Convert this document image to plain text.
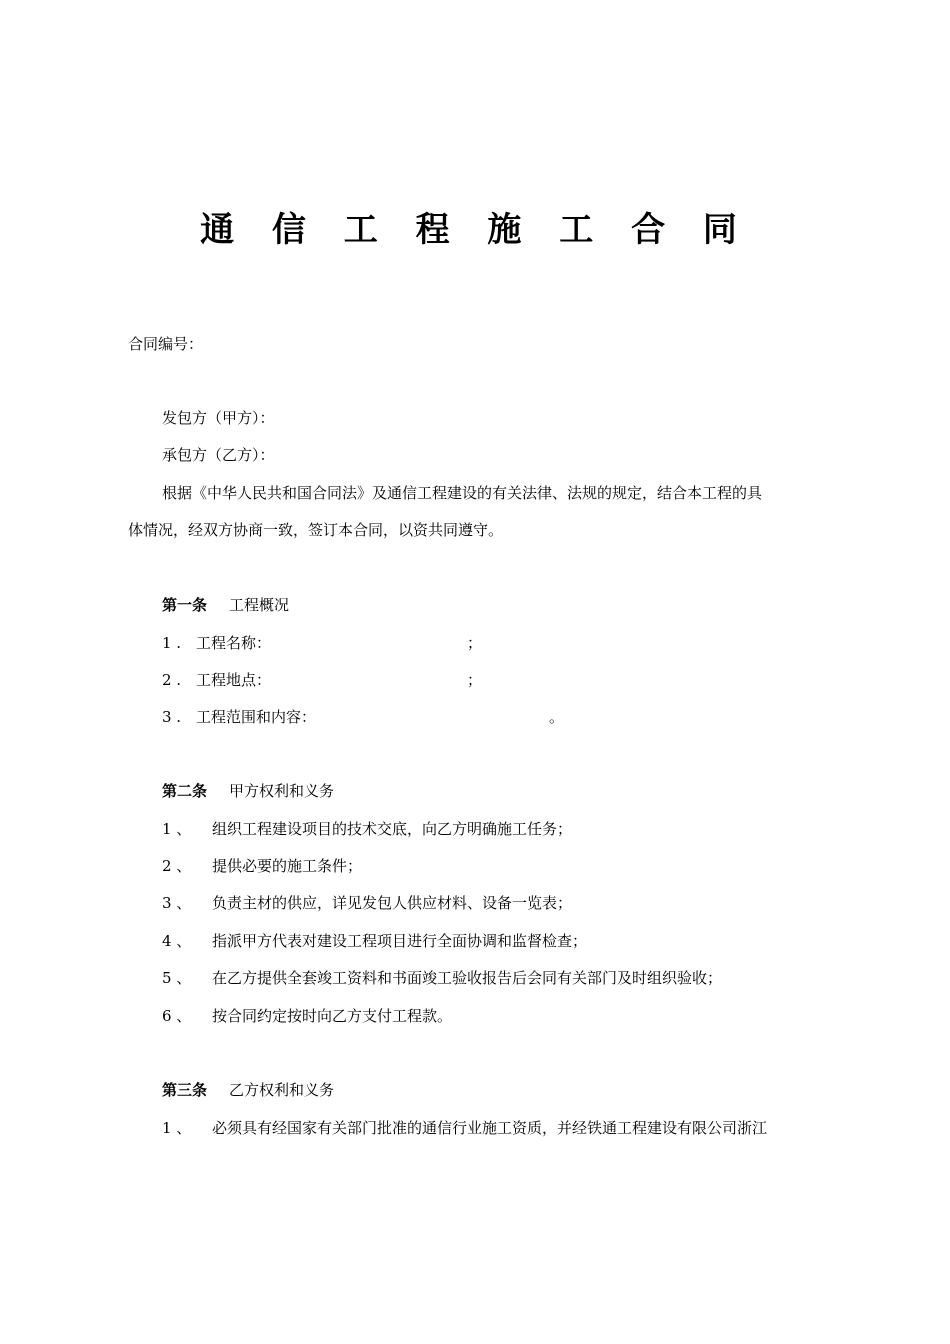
通 信 工 程 施 工 合 同
合同编号：
发包方（甲方）：
承包方（乙方）：
根据《中华人民共和国合同法》及通信工程建设的有关法律、法规的规定，结合本工程的具
体情况，经双方协商一致，签订本合同，以资共同遵守。
第一条 工程概况
1 . 工程名称：	；
2 . 工程地点：	；
3 . 工程范围和内容：	。
第二条 甲方权利和义务
1 、 组织工程建设项目的技术交底，向乙方明确施工任务；
2 、 提供必要的施工条件；
3 、 负责主材的供应，详见发包人供应材料、设备一览表；
4 、 指派甲方代表对建设工程项目进行全面协调和监督检查；
5 、 在乙方提供全套竣工资料和书面竣工验收报告后会同有关部门及时组织验收；
6 、 按合同约定按时向乙方支付工程款。
第三条 乙方权利和义务
1 、 必须具有经国家有关部门批准的通信行业施工资质，并经铁通工程建设有限公司浙江
